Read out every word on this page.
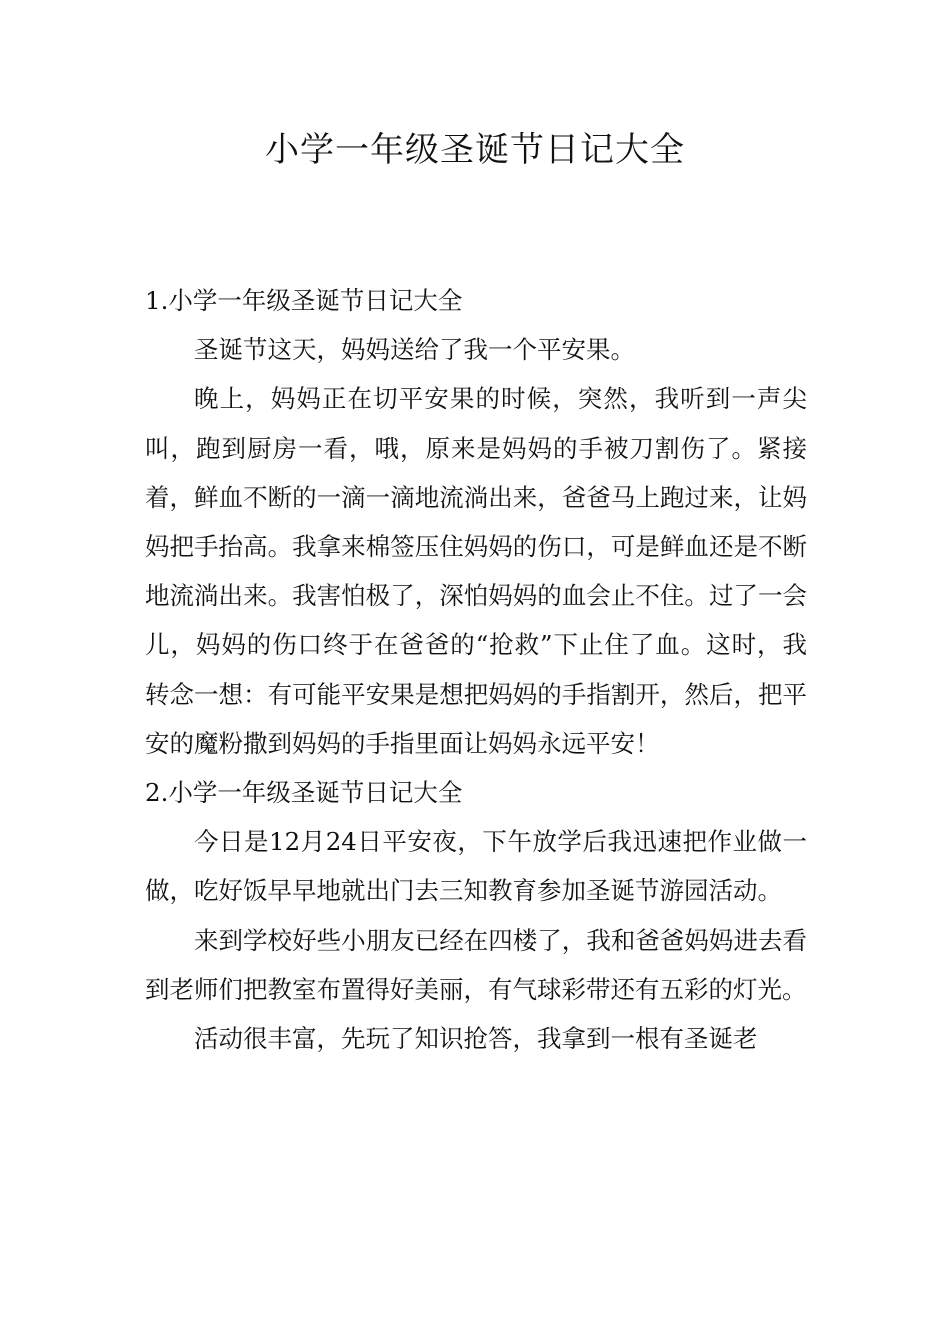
小学一年级圣诞节日记大全
1.小学一年级圣诞节日记大全

圣诞节这天，妈妈送给了我一个平安果。

晚上，妈妈正在切平安果的时候，突然，我听到一声尖叫，跑到厨房一看，哦，原来是妈妈的手被刀割伤了。紧接着，鲜血不断的一滴一滴地流淌出来，爸爸马上跑过来，让妈妈把手抬高。我拿来棉签压住妈妈的伤口，可是鲜血还是不断地流淌出来。我害怕极了，深怕妈妈的血会止不住。过了一会儿，妈妈的伤口终于在爸爸的“抢救”下止住了血。这时，我转念一想：有可能平安果是想把妈妈的手指割开，然后，把平安的魔粉撒到妈妈的手指里面让妈妈永远平安！

2.小学一年级圣诞节日记大全

今日是12月24日平安夜，下午放学后我迅速把作业做一做，吃好饭早早地就出门去三知教育参加圣诞节游园活动。

来到学校好些小朋友已经在四楼了，我和爸爸妈妈进去看到老师们把教室布置得好美丽，有气球彩带还有五彩的灯光。

活动很丰富，先玩了知识抢答，我拿到一根有圣诞老
